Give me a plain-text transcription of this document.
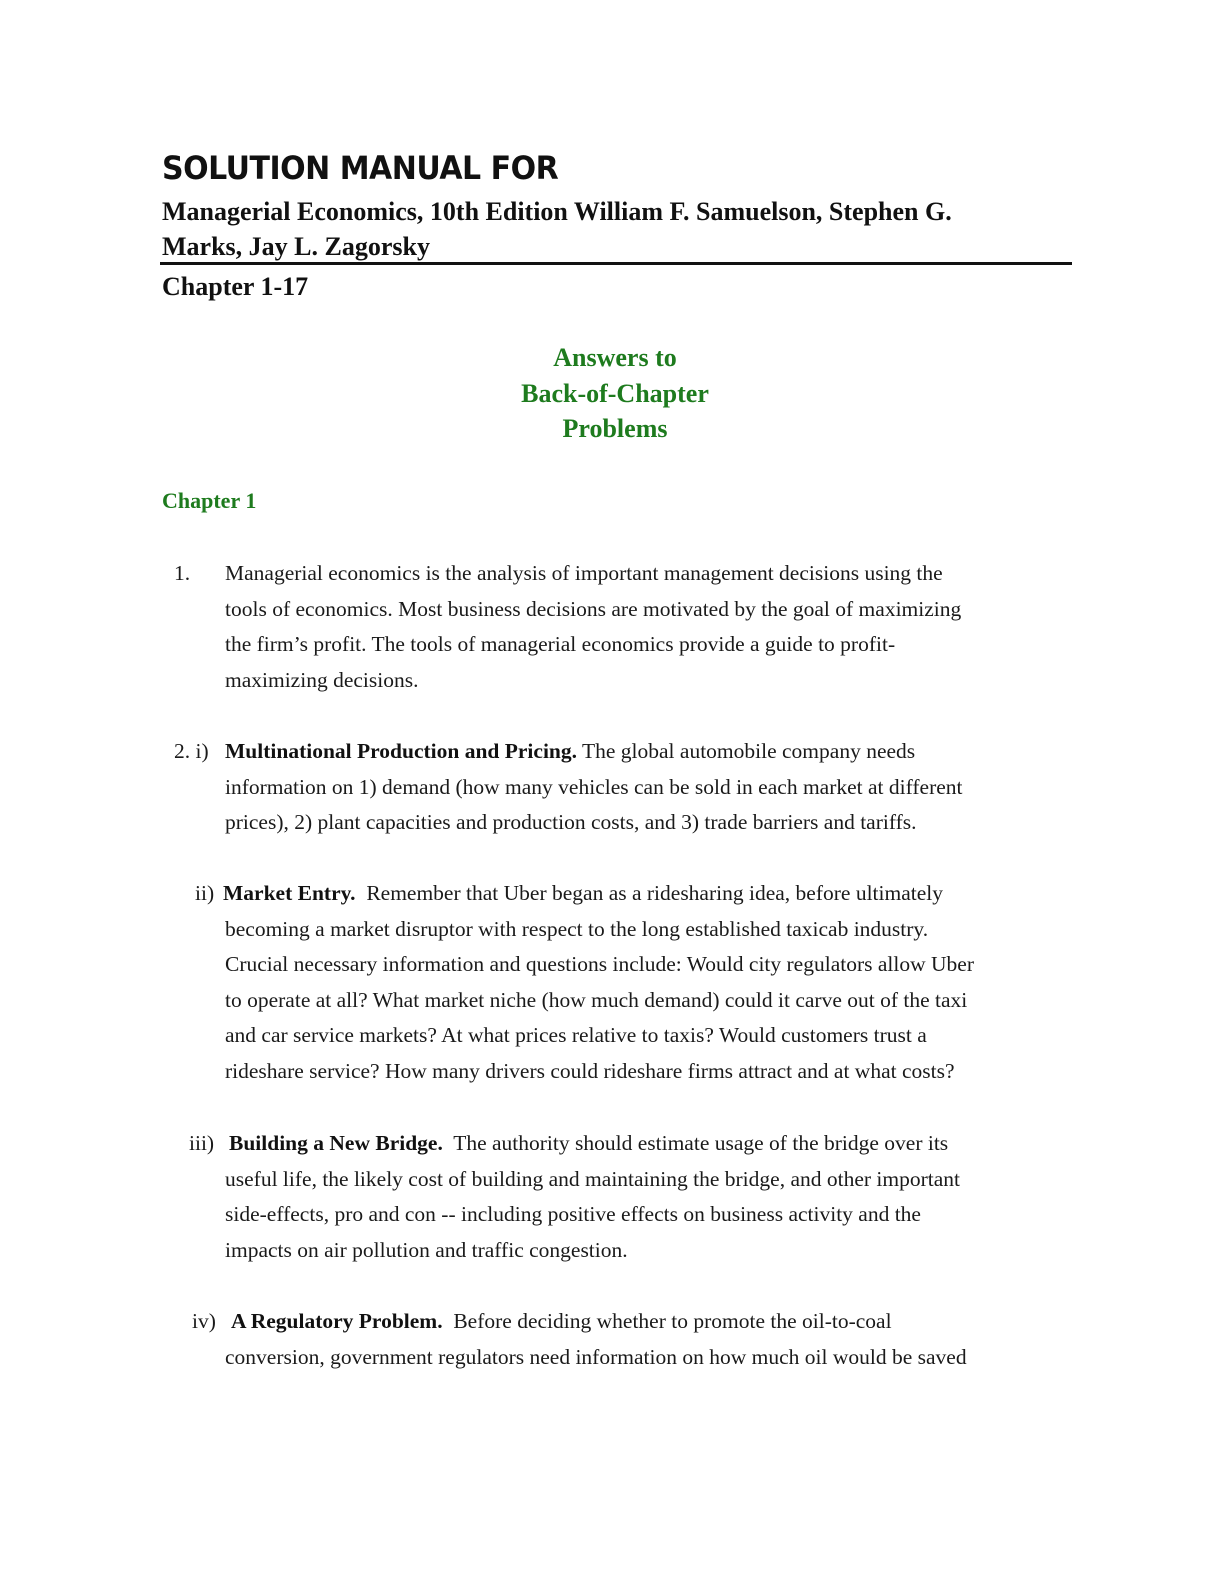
SOLUTION MANUAL FOR
Managerial Economics, 10th Edition William F. Samuelson, Stephen G.
Marks, Jay L. Zagorsky
Chapter 1-17
Answers to
Back-of-Chapter
Problems
Chapter 1
1. Managerial economics is the analysis of important management decisions using the
tools of economics. Most business decisions are motivated by the goal of maximizing
the firm’s profit. The tools of managerial economics provide a guide to profit-
maximizing decisions.
2. i) Multinational Production and Pricing. The global automobile company needs
information on 1) demand (how many vehicles can be sold in each market at different
prices), 2) plant capacities and production costs, and 3) trade barriers and tariffs.
ii) Market Entry.  Remember that Uber began as a ridesharing idea, before ultimately
becoming a market disruptor with respect to the long established taxicab industry.
Crucial necessary information and questions include: Would city regulators allow Uber
to operate at all? What market niche (how much demand) could it carve out of the taxi
and car service markets? At what prices relative to taxis? Would customers trust a
rideshare service? How many drivers could rideshare firms attract and at what costs?
iii) Building a New Bridge.  The authority should estimate usage of the bridge over its
useful life, the likely cost of building and maintaining the bridge, and other important
side-effects, pro and con -- including positive effects on business activity and the
impacts on air pollution and traffic congestion.
iv) A Regulatory Problem.  Before deciding whether to promote the oil-to-coal
conversion, government regulators need information on how much oil would be saved
